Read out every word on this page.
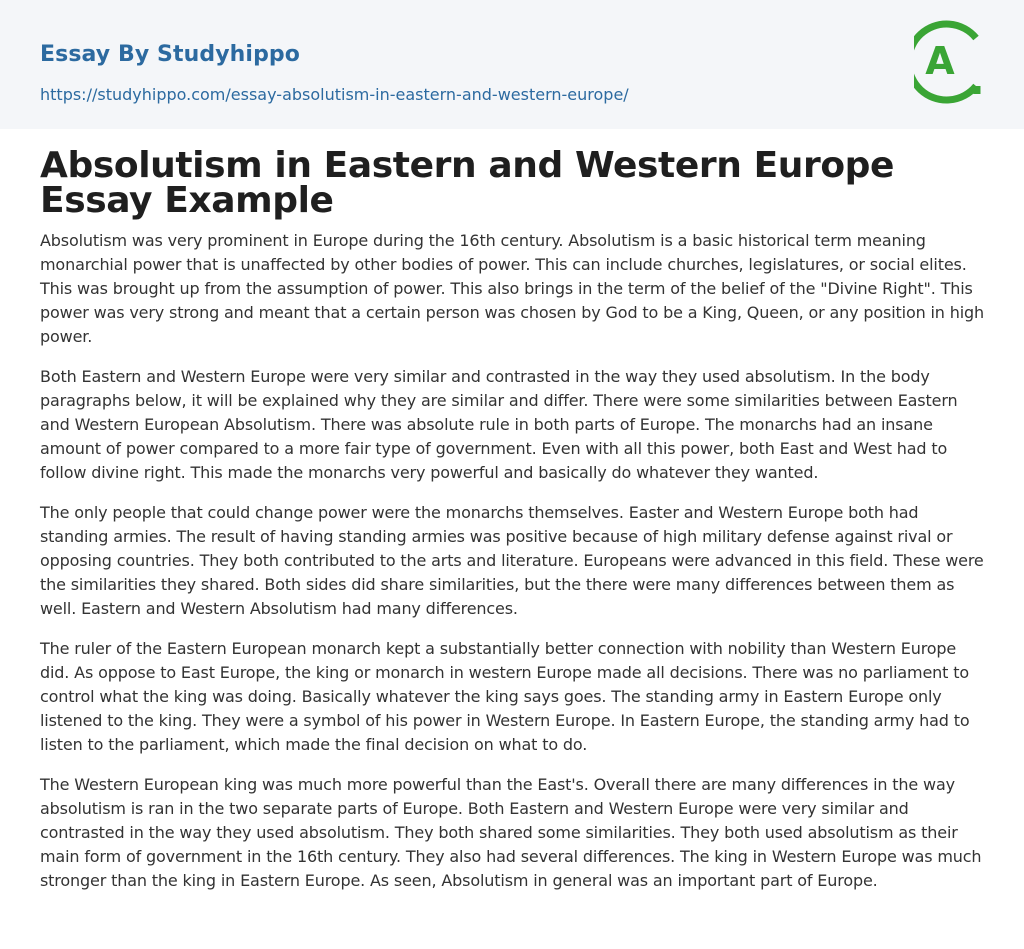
Essay By Studyhippo
https://studyhippo.com/essay-absolutism-in-eastern-and-western-europe/
A
Absolutism in Eastern and Western Europe Essay Example

Absolutism was very prominent in Europe during the 16th century. Absolutism is a basic historical term meaning monarchial power that is unaffected by other bodies of power. This can include churches, legislatures, or social elites. This was brought up from the assumption of power. This also brings in the term of the belief of the "Divine Right". This power was very strong and meant that a certain person was chosen by God to be a King, Queen, or any position in high power.

Both Eastern and Western Europe were very similar and contrasted in the way they used absolutism. In the body paragraphs below, it will be explained why they are similar and differ. There were some similarities between Eastern and Western European Absolutism. There was absolute rule in both parts of Europe. The monarchs had an insane amount of power compared to a more fair type of government. Even with all this power, both East and West had to follow divine right. This made the monarchs very powerful and basically do whatever they wanted.

The only people that could change power were the monarchs themselves. Easter and Western Europe both had standing armies. The result of having standing armies was positive because of high military defense against rival or opposing countries. They both contributed to the arts and literature. Europeans were advanced in this field. These were the similarities they shared. Both sides did share similarities, but the there were many differences between them as well. Eastern and Western Absolutism had many differences.

The ruler of the Eastern European monarch kept a substantially better connection with nobility than Western Europe did. As oppose to East Europe, the king or monarch in western Europe made all decisions. There was no parliament to control what the king was doing. Basically whatever the king says goes. The standing army in Eastern Europe only listened to the king. They were a symbol of his power in Western Europe. In Eastern Europe, the standing army had to listen to the parliament, which made the final decision on what to do.

The Western European king was much more powerful than the East's. Overall there are many differences in the way absolutism is ran in the two separate parts of Europe. Both Eastern and Western Europe were very similar and contrasted in the way they used absolutism. They both shared some similarities. They both used absolutism as their main form of government in the 16th century. They also had several differences. The king in Western Europe was much stronger than the king in Eastern Europe. As seen, Absolutism in general was an important part of Europe.
